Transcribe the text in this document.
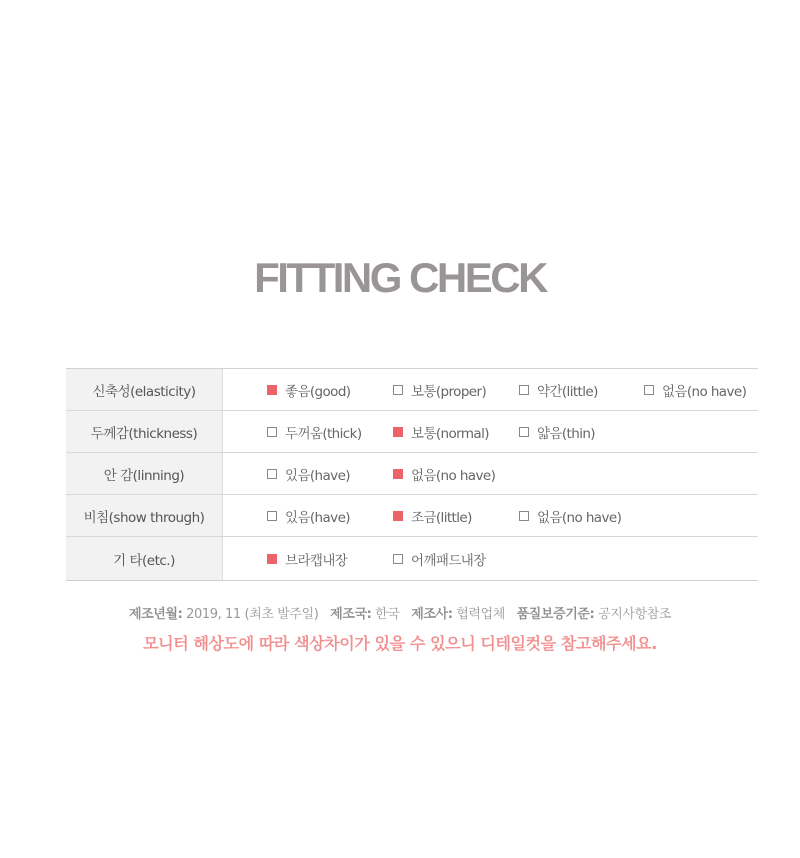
FITTING CHECK
신축성(elasticity)	좋음(good)	보통(proper)	약간(little)	없음(no have)
두께감(thickness)	두꺼움(thick)	보통(normal)	얇음(thin)
안 감(linning)	있음(have)	없음(no have)
비침(show through)	있음(have)	조금(little)	없음(no have)
기 타(etc.)	브라캡내장	어깨패드내장
제조년월: 2019, 11 (최초 발주일) 제조국: 한국 제조사: 협력업체 품질보증기준: 공지사항참조
모니터 해상도에 따라 색상차이가 있을 수 있으니 디테일컷을 참고해주세요.
